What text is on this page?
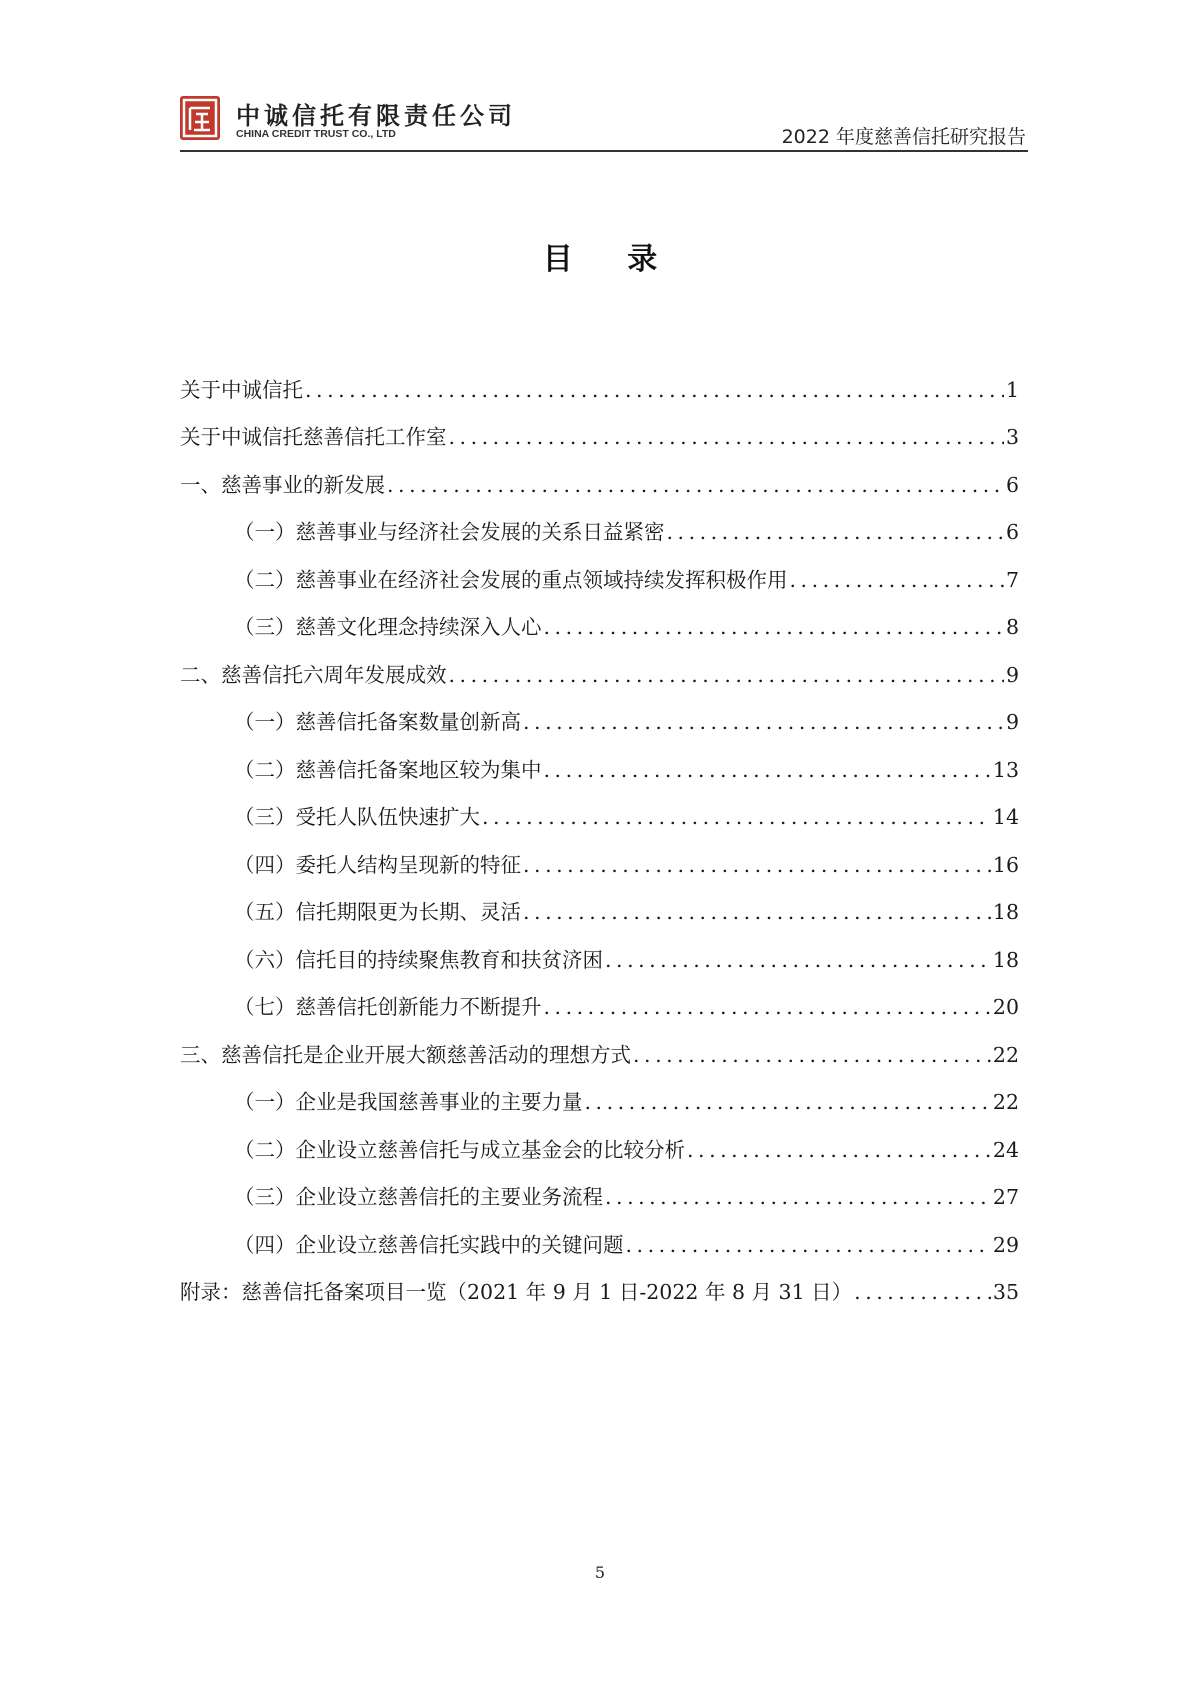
中诚信托有限责任公司
CHINA CREDIT TRUST CO., LTD	2022 年度慈善信托研究报告
目 录
关于中诚信托 . . .	1
关于中诚信托慈善信托工作室 . . .	3
一、慈善事业的新发展 . . .	6
（一）慈善事业与经济社会发展的关系日益紧密 . . .	6
（二）慈善事业在经济社会发展的重点领域持续发挥积极作用 . . .	7
（三）慈善文化理念持续深入人心 . . .	8
二、慈善信托六周年发展成效 . . .	9
（一）慈善信托备案数量创新高 . . .	9
（二）慈善信托备案地区较为集中 . . .	13
（三）受托人队伍快速扩大 . . .	14
（四）委托人结构呈现新的特征 . . .	16
（五）信托期限更为长期、灵活 . . .	18
（六）信托目的持续聚焦教育和扶贫济困 . . .	18
（七）慈善信托创新能力不断提升 . . .	20
三、慈善信托是企业开展大额慈善活动的理想方式 . . .	22
（一）企业是我国慈善事业的主要力量 . . .	22
（二）企业设立慈善信托与成立基金会的比较分析 . . .	24
（三）企业设立慈善信托的主要业务流程 . . .	27
（四）企业设立慈善信托实践中的关键问题 . . .	29
附录：慈善信托备案项目一览（2021 年 9 月 1 日-2022 年 8 月 31 日） . . .	35
5
